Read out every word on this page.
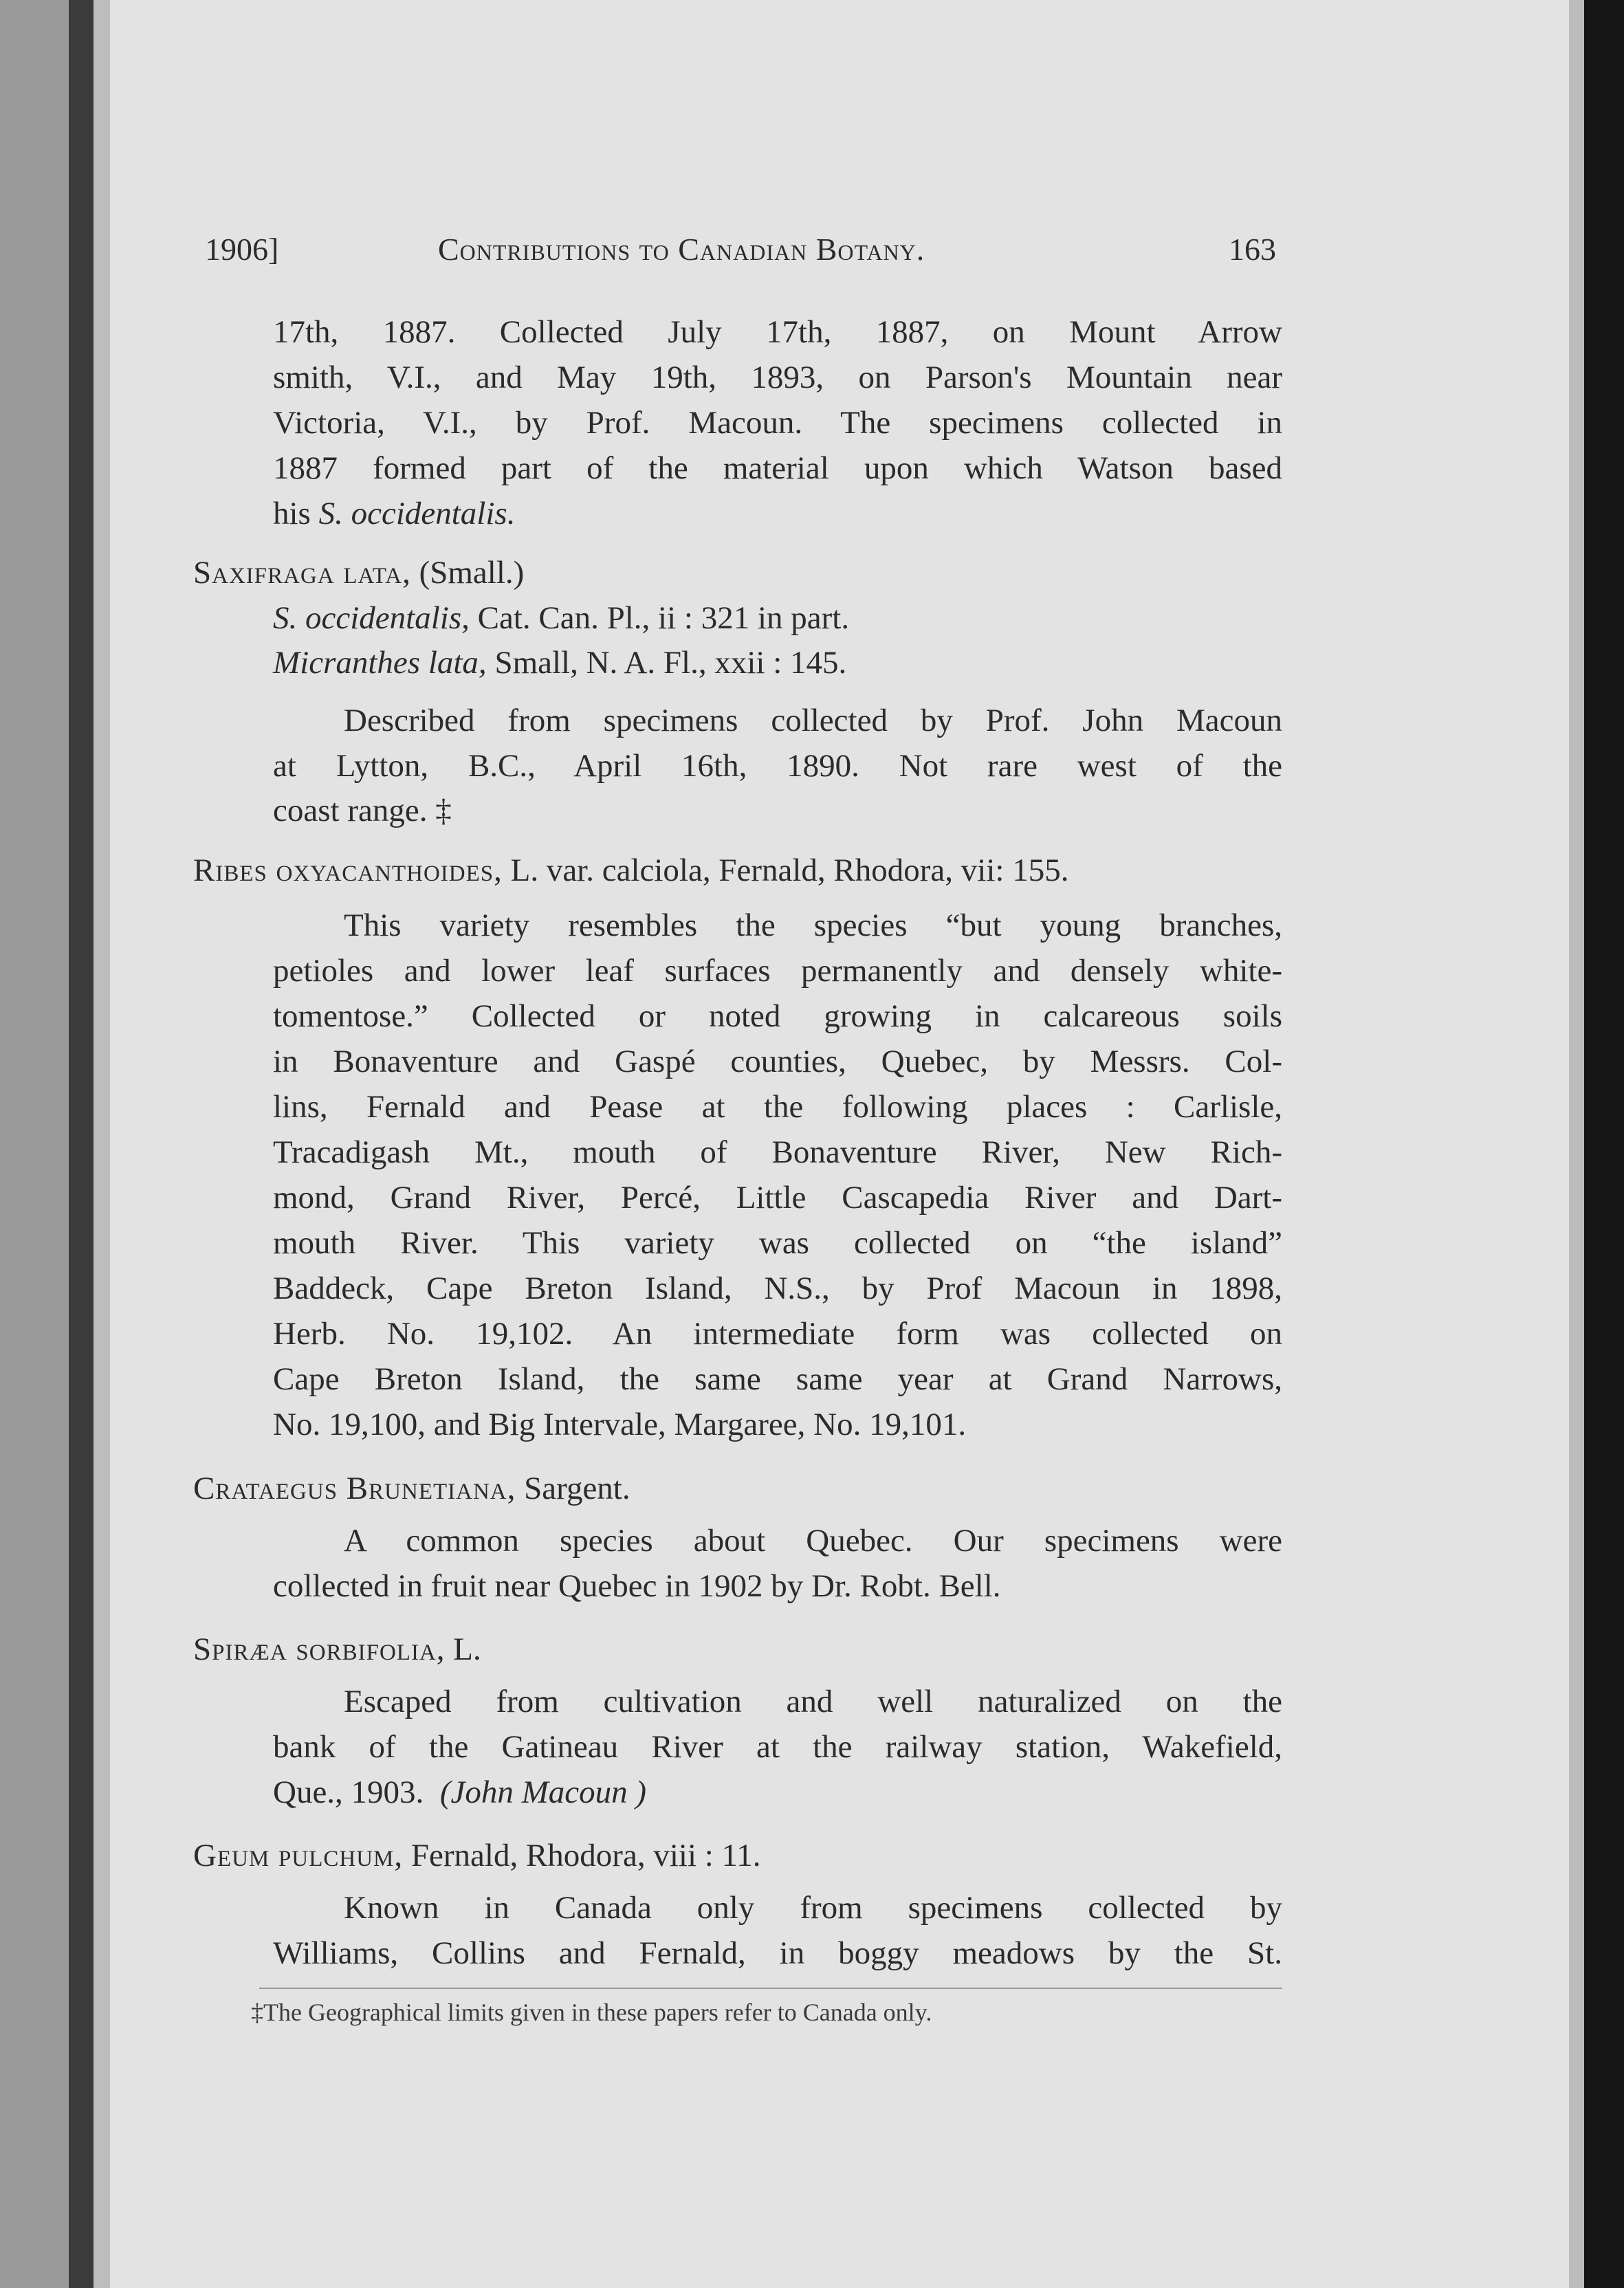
1906]	Contributions to Canadian Botany.	163
17th, 1887. Collected July 17th, 1887, on Mount Arrow
smith, V.I., and May 19th, 1893, on Parson's Mountain near
Victoria, V.I., by Prof. Macoun. The specimens collected in
1887 formed part of the material upon which Watson based
his S. occidentalis.
Saxifraga lata, (Small.)
S. occidentalis, Cat. Can. Pl., ii : 321 in part.
Micranthes lata, Small, N. A. Fl., xxii : 145.
Described from specimens collected by Prof. John Macoun
at Lytton, B.C., April 16th, 1890. Not rare west of the
coast range. ‡
Ribes oxyacanthoides, L. var. calciola, Fernald, Rhodora, vii: 155.
This variety resembles the species “but young branches,
petioles and lower leaf surfaces permanently and densely white-
tomentose.” Collected or noted growing in calcareous soils
in Bonaventure and Gaspé counties, Quebec, by Messrs. Col-
lins, Fernald and Pease at the following places : Carlisle,
Tracadigash Mt., mouth of Bonaventure River, New Rich-
mond, Grand River, Percé, Little Cascapedia River and Dart-
mouth River. This variety was collected on “the island”
Baddeck, Cape Breton Island, N.S., by Prof Macoun in 1898,
Herb. No. 19,102. An intermediate form was collected on
Cape Breton Island, the same same year at Grand Narrows,
No. 19,100, and Big Intervale, Margaree, No. 19,101.
Crataegus Brunetiana, Sargent.
A common species about Quebec. Our specimens were
collected in fruit near Quebec in 1902 by Dr. Robt. Bell.
Spiræa sorbifolia, L.
Escaped from cultivation and well naturalized on the
bank of the Gatineau River at the railway station, Wakefield,
Que., 1903. (John Macoun )
Geum pulchum, Fernald, Rhodora, viii : 11.
Known in Canada only from specimens collected by
Williams, Collins and Fernald, in boggy meadows by the St.
‡The Geographical limits given in these papers refer to Canada only.
